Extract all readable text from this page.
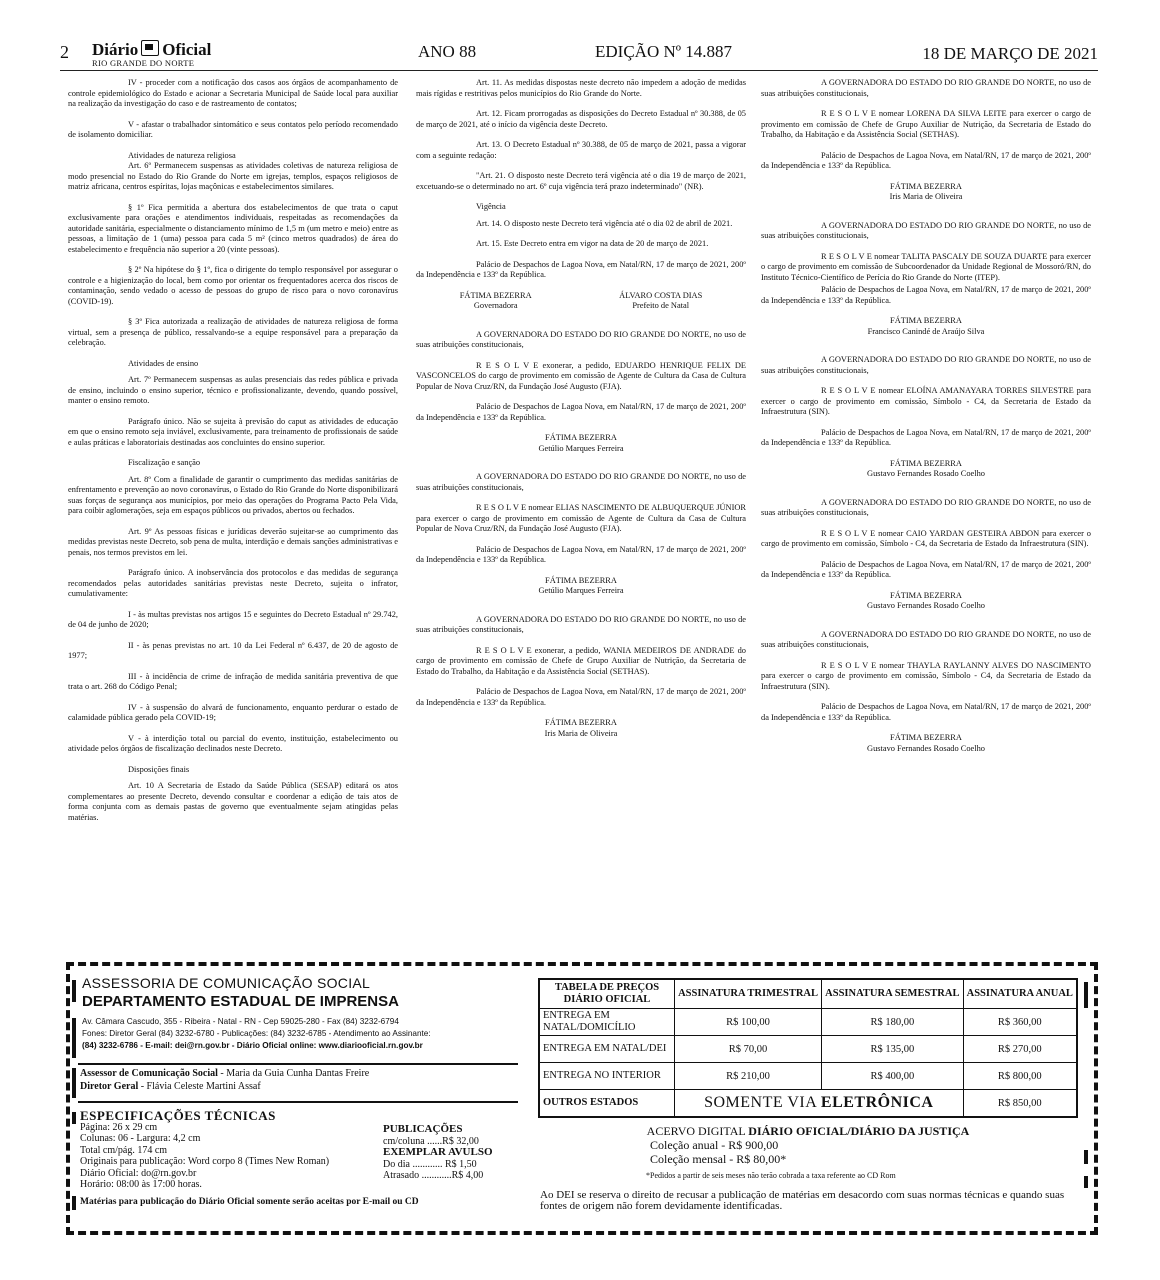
2 Diário Oficial
RIO GRANDE DO NORTE
ANO 88	EDIÇÃO Nº 14.887	18 DE MARÇO DE 2021

IV - proceder com a notificação dos casos aos órgãos de acompanhamento de controle epidemiológico do Estado e acionar a Secretaria Municipal de Saúde local para auxiliar na realização da investigação do caso e de rastreamento de contatos;

V - afastar o trabalhador sintomático e seus contatos pelo período recomendado de isolamento domiciliar.

Atividades de natureza religiosa

Art. 6º Permanecem suspensas as atividades coletivas de natureza religiosa de modo presencial no Estado do Rio Grande do Norte em igrejas, templos, espaços religiosos de matriz africana, centros espíritas, lojas maçônicas e estabelecimentos similares.

§ 1º Fica permitida a abertura dos estabelecimentos de que trata o caput exclusivamente para orações e atendimentos individuais, respeitadas as recomendações da autoridade sanitária, especialmente o distanciamento mínimo de 1,5 m (um metro e meio) entre as pessoas, a limitação de 1 (uma) pessoa para cada 5 m² (cinco metros quadrados) de área do estabelecimento e frequência não superior a 20 (vinte pessoas).

§ 2º Na hipótese do § 1º, fica o dirigente do templo responsável por assegurar o controle e a higienização do local, bem como por orientar os frequentadores acerca dos riscos de contaminação, sendo vedado o acesso de pessoas do grupo de risco para o novo coronavírus (COVID-19).

§ 3º Fica autorizada a realização de atividades de natureza religiosa de forma virtual, sem a presença de público, ressalvando-se a equipe responsável para a preparação da celebração.

Atividades de ensino

Art. 7º Permanecem suspensas as aulas presenciais das redes pública e privada de ensino, incluindo o ensino superior, técnico e profissionalizante, devendo, quando possível, manter o ensino remoto.

Parágrafo único. Não se sujeita à previsão do caput as atividades de educação em que o ensino remoto seja inviável, exclusivamente, para treinamento de profissionais de saúde e aulas práticas e laboratoriais destinadas aos concluintes do ensino superior.

Fiscalização e sanção

Art. 8º Com a finalidade de garantir o cumprimento das medidas sanitárias de enfrentamento e prevenção ao novo coronavírus, o Estado do Rio Grande do Norte disponibilizará suas forças de segurança aos municípios, por meio das operações do Programa Pacto Pela Vida, para coibir aglomerações, seja em espaços públicos ou privados, abertos ou fechados.

Art. 9º As pessoas físicas e jurídicas deverão sujeitar-se ao cumprimento das medidas previstas neste Decreto, sob pena de multa, interdição e demais sanções administrativas e penais, nos termos previstos em lei.

Parágrafo único. A inobservância dos protocolos e das medidas de segurança recomendados pelas autoridades sanitárias previstas neste Decreto, sujeita o infrator, cumulativamente:

I - às multas previstas nos artigos 15 e seguintes do Decreto Estadual nº 29.742, de 04 de junho de 2020;

II - às penas previstas no art. 10 da Lei Federal nº 6.437, de 20 de agosto de 1977;

III - à incidência de crime de infração de medida sanitária preventiva de que trata o art. 268 do Código Penal;

IV - à suspensão do alvará de funcionamento, enquanto perdurar o estado de calamidade pública gerado pela COVID-19;

V - à interdição total ou parcial do evento, instituição, estabelecimento ou atividade pelos órgãos de fiscalização declinados neste Decreto.

Disposições finais

Art. 10 A Secretaria de Estado da Saúde Pública (SESAP) editará os atos complementares ao presente Decreto, devendo consultar e coordenar a edição de tais atos de forma conjunta com as demais pastas de governo que eventualmente sejam atingidas pelas matérias.

Art. 11. As medidas dispostas neste decreto não impedem a adoção de medidas mais rígidas e restritivas pelos municípios do Rio Grande do Norte.

Art. 12. Ficam prorrogadas as disposições do Decreto Estadual nº 30.388, de 05 de março de 2021, até o início da vigência deste Decreto.

Art. 13. O Decreto Estadual nº 30.388, de 05 de março de 2021, passa a vigorar com a seguinte redação:

"Art. 21. O disposto neste Decreto terá vigência até o dia 19 de março de 2021, excetuando-se o determinado no art. 6º cuja vigência terá prazo indeterminado" (NR).

Vigência

Art. 14. O disposto neste Decreto terá vigência até o dia 02 de abril de 2021.

Art. 15. Este Decreto entra em vigor na data de 20 de março de 2021.

Palácio de Despachos de Lagoa Nova, em Natal/RN, 17 de março de 2021, 200º da Independência e 133º da República.

FÁTIMA BEZERRA
Governadora
ÁLVARO COSTA DIAS
Prefeito de Natal

A GOVERNADORA DO ESTADO DO RIO GRANDE DO NORTE, no uso de suas atribuições constitucionais,

R E S O L V E exonerar, a pedido, EDUARDO HENRIQUE FELIX DE VASCONCELOS do cargo de provimento em comissão de Agente de Cultura da Casa de Cultura Popular de Nova Cruz/RN, da Fundação José Augusto (FJA).

Palácio de Despachos de Lagoa Nova, em Natal/RN, 17 de março de 2021, 200º da Independência e 133º da República.

FÁTIMA BEZERRA
Getúlio Marques Ferreira

A GOVERNADORA DO ESTADO DO RIO GRANDE DO NORTE, no uso de suas atribuições constitucionais,

R E S O L V E nomear ELIAS NASCIMENTO DE ALBUQUERQUE JÚNIOR para exercer o cargo de provimento em comissão de Agente de Cultura da Casa de Cultura Popular de Nova Cruz/RN, da Fundação José Augusto (FJA).

Palácio de Despachos de Lagoa Nova, em Natal/RN, 17 de março de 2021, 200º da Independência e 133º da República.

FÁTIMA BEZERRA
Getúlio Marques Ferreira

A GOVERNADORA DO ESTADO DO RIO GRANDE DO NORTE, no uso de suas atribuições constitucionais,

R E S O L V E exonerar, a pedido, WANIA MEDEIROS DE ANDRADE do cargo de provimento em comissão de Chefe de Grupo Auxiliar de Nutrição, da Secretaria de Estado do Trabalho, da Habitação e da Assistência Social (SETHAS).

Palácio de Despachos de Lagoa Nova, em Natal/RN, 17 de março de 2021, 200º da Independência e 133º da República.

FÁTIMA BEZERRA
Iris Maria de Oliveira

A GOVERNADORA DO ESTADO DO RIO GRANDE DO NORTE, no uso de suas atribuições constitucionais,

R E S O L V E nomear LORENA DA SILVA LEITE para exercer o cargo de provimento em comissão de Chefe de Grupo Auxiliar de Nutrição, da Secretaria de Estado do Trabalho, da Habitação e da Assistência Social (SETHAS).

Palácio de Despachos de Lagoa Nova, em Natal/RN, 17 de março de 2021, 200º da Independência e 133º da República.

FÁTIMA BEZERRA
Iris Maria de Oliveira

A GOVERNADORA DO ESTADO DO RIO GRANDE DO NORTE, no uso de suas atribuições constitucionais,

R E S O L V E nomear TALITA PASCALY DE SOUZA DUARTE para exercer o cargo de provimento em comissão de Subcoordenador da Unidade Regional de Mossoró/RN, do Instituto Técnico-Científico de Perícia do Rio Grande do Norte (ITEP).

Palácio de Despachos de Lagoa Nova, em Natal/RN, 17 de março de 2021, 200º da Independência e 133º da República.

FÁTIMA BEZERRA
Francisco Canindé de Araújo Silva

A GOVERNADORA DO ESTADO DO RIO GRANDE DO NORTE, no uso de suas atribuições constitucionais,

R E S O L V E nomear ELOÍNA AMANAYARA TORRES SILVESTRE para exercer o cargo de provimento em comissão, Símbolo - C4, da Secretaria de Estado da Infraestrutura (SIN).

Palácio de Despachos de Lagoa Nova, em Natal/RN, 17 de março de 2021, 200º da Independência e 133º da República.

FÁTIMA BEZERRA
Gustavo Fernandes Rosado Coelho

A GOVERNADORA DO ESTADO DO RIO GRANDE DO NORTE, no uso de suas atribuições constitucionais,

R E S O L V E nomear CAIO YARDAN GESTEIRA ABDON para exercer o cargo de provimento em comissão, Símbolo - C4, da Secretaria de Estado da Infraestrutura (SIN).

Palácio de Despachos de Lagoa Nova, em Natal/RN, 17 de março de 2021, 200º da Independência e 133º da República.

FÁTIMA BEZERRA
Gustavo Fernandes Rosado Coelho

A GOVERNADORA DO ESTADO DO RIO GRANDE DO NORTE, no uso de suas atribuições constitucionais,

R E S O L V E nomear THAYLA RAYLANNY ALVES DO NASCIMENTO para exercer o cargo de provimento em comissão, Símbolo - C4, da Secretaria de Estado da Infraestrutura (SIN).

Palácio de Despachos de Lagoa Nova, em Natal/RN, 17 de março de 2021, 200º da Independência e 133º da República.

FÁTIMA BEZERRA
Gustavo Fernandes Rosado Coelho
ASSESSORIA DE COMUNICAÇÃO SOCIAL
DEPARTAMENTO ESTADUAL DE IMPRENSA
Av. Câmara Cascudo, 355 - Ribeira - Natal - RN - Cep 59025-280 - Fax (84) 3232-6794
Fones: Diretor Geral (84) 3232-6780 - Publicações: (84) 3232-6785 - Atendimento ao Assinante:
(84) 3232-6786 - E-mail: dei@rn.gov.br - Diário Oficial online: www.diariooficial.rn.gov.br
Assessor de Comunicação Social - Maria da Guia Cunha Dantas Freire
Diretor Geral - Flávia Celeste Martini Assaf
ESPECIFICAÇÕES TÉCNICAS
Página: 26 x 29 cm
Colunas: 06 - Largura: 4,2 cm
Total cm/pág. 174 cm
Originais para publicação: Word corpo 8 (Times New Roman)
Diário Oficial: do@rn.gov.br
Horário: 08:00 às 17:00 horas.
PUBLICAÇÕES
cm/coluna ......R$ 32,00
EXEMPLAR AVULSO
Do dia ............ R$ 1,50
Atrasado ............R$ 4,00
Matérias para publicação do Diário Oficial somente serão aceitas por E-mail ou CD
TABELA DE PREÇOS DIÁRIO OFICIAL	ASSINATURA TRIMESTRAL	ASSINATURA SEMESTRAL	ASSINATURA ANUAL
ENTREGA EM NATAL/DOMICÍLIO	R$ 100,00	R$ 180,00	R$ 360,00
ENTREGA EM NATAL/DEI	R$ 70,00	R$ 135,00	R$ 270,00
ENTREGA NO INTERIOR	R$ 210,00	R$ 400,00	R$ 800,00
OUTROS ESTADOS	SOMENTE VIA ELETRÔNICA		R$ 850,00
ACERVO DIGITAL DIÁRIO OFICIAL/DIÁRIO DA JUSTIÇA
Coleção anual - R$ 900,00
Coleção mensal - R$ 80,00*
*Pedidos a partir de seis meses não terão cobrada a taxa referente ao CD Rom
Ao DEI se reserva o direito de recusar a publicação de matérias em desacordo com suas normas técnicas e quando suas fontes de origem não forem devidamente identificadas.
